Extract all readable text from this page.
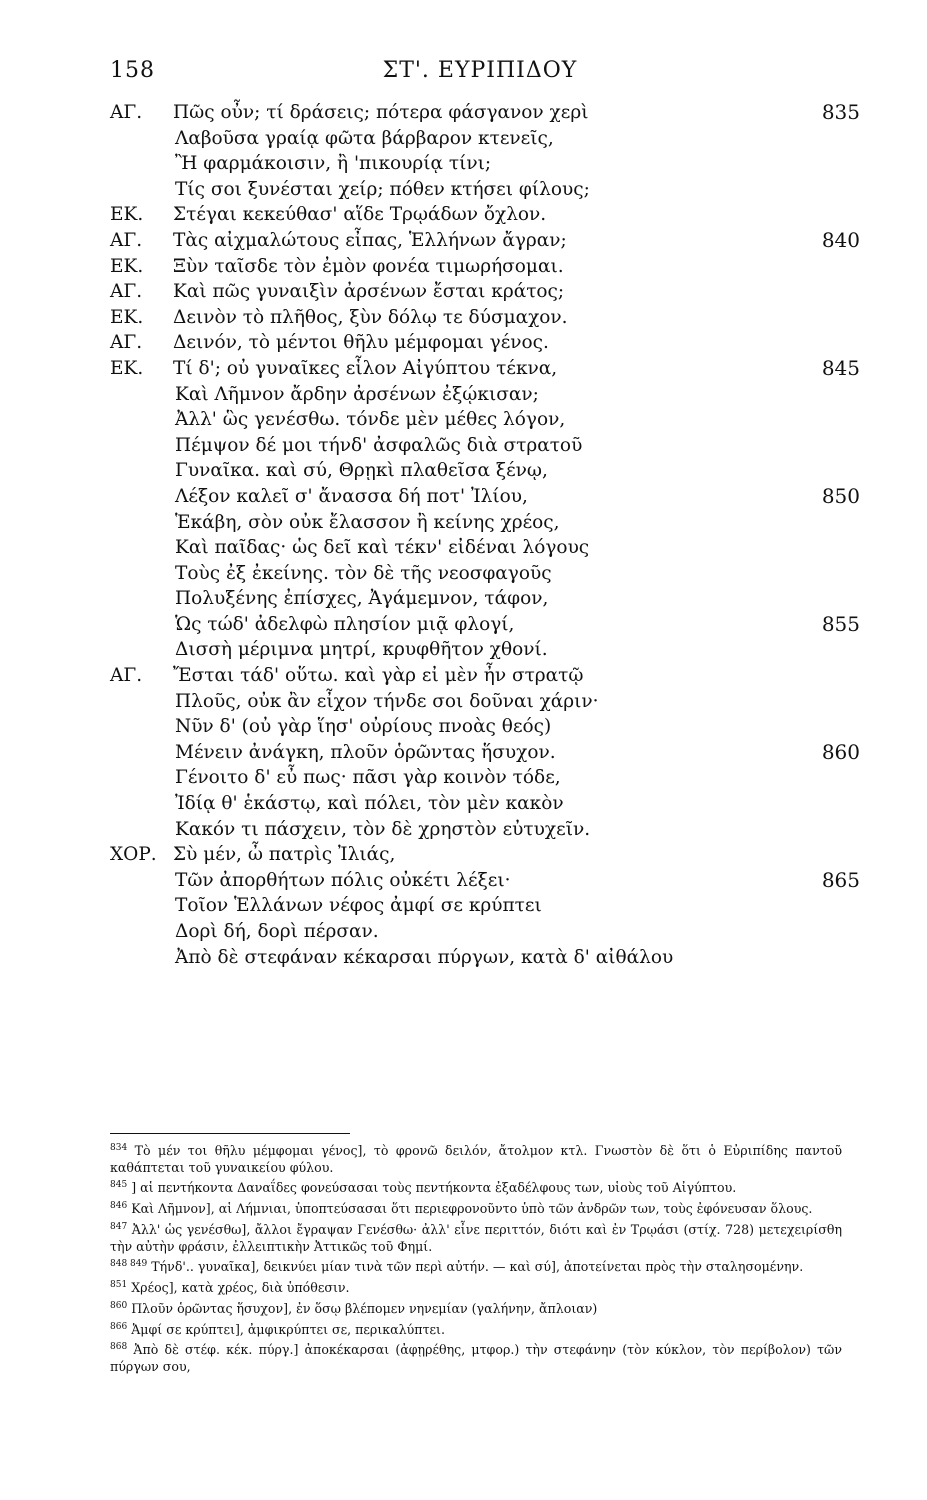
158	ΣΤ'. ΕΥΡΙΠΙΔΟΥ
ΑΓ.	Πῶς οὖν; τί δράσεις; πότερα φάσγανον χερὶ	835
Λαβοῦσα γραίᾳ φῶτα βάρβαρον κτενεῖς,
Ἢ φαρμάκοισιν, ἢ 'πικουρίᾳ τίνι;
Τίς σοι ξυνέσται χείρ; πόθεν κτήσει φίλους;
ΕΚ.	Στέγαι κεκεύθασ' αἵδε Τρῳάδων ὄχλον.
ΑΓ.	Τὰς αἰχμαλώτους εἶπας, Ἑλλήνων ἄγραν;	840
ΕΚ.	Ξὺν ταῖσδε τὸν ἐμὸν φονέα τιμωρήσομαι.
ΑΓ.	Καὶ πῶς γυναιξὶν ἀρσένων ἔσται κράτος;
ΕΚ.	Δεινὸν τὸ πλῆθος, ξὺν δόλῳ τε δύσμαχον.
ΑΓ.	Δεινόν, τὸ μέντοι θῆλυ μέμφομαι γένος.
ΕΚ.	Τί δ'; οὐ γυναῖκες εἷλον Αἰγύπτου τέκνα,	845
Καὶ Λῆμνον ἄρδην ἀρσένων ἐξῴκισαν;
Ἀλλ' ὣς γενέσθω. τόνδε μὲν μέθες λόγον,
Πέμψον δέ μοι τήνδ' ἀσφαλῶς διὰ στρατοῦ
Γυναῖκα. καὶ σύ, Θρῃκὶ πλαθεῖσα ξένῳ,
Λέξον καλεῖ σ' ἄνασσα δή ποτ' Ἰλίου,	850
Ἑκάβη, σὸν οὐκ ἔλασσον ἢ κείνης χρέος,
Καὶ παῖδας· ὡς δεῖ καὶ τέκν' εἰδέναι λόγους
Τοὺς ἐξ ἐκείνης. τὸν δὲ τῆς νεοσφαγοῦς
Πολυξένης ἐπίσχες, Ἀγάμεμνον, τάφον,
Ὡς τώδ' ἀδελφὼ πλησίον μιᾷ φλογί,	855
Δισσὴ μέριμνα μητρί, κρυφθῆτον χθονί.
ΑΓ.	Ἔσται τάδ' οὕτω. καὶ γὰρ εἰ μὲν ἦν στρατῷ
Πλοῦς, οὐκ ἂν εἶχον τήνδε σοι δοῦναι χάριν·
Νῦν δ' (οὐ γὰρ ἵησ' οὐρίους πνοὰς θεός)
Μένειν ἀνάγκη, πλοῦν ὁρῶντας ἥσυχον.	860
Γένοιτο δ' εὖ πως· πᾶσι γὰρ κοινὸν τόδε,
Ἰδίᾳ θ' ἑκάστῳ, καὶ πόλει, τὸν μὲν κακὸν
Κακόν τι πάσχειν, τὸν δὲ χρηστὸν εὐτυχεῖν.
ΧΟΡ. Σὺ μέν, ὦ πατρὶς Ἰλιάς,
Τῶν ἀπορθήτων πόλις οὐκέτι λέξει·	865
Τοῖον Ἑλλάνων νέφος ἀμφί σε κρύπτει
Δορὶ δή, δορὶ πέρσαν.
Ἀπὸ δὲ στεφάναν κέκαρσαι πύργων, κατὰ δ' αἰθάλου

$^{834}$ Τὸ μέν τοι θῆλυ μέμφομαι γένος], τὸ φρονῶ δειλόν, ἄτολμον κτλ. Γνωστὸν δὲ ὅτι ὁ Εὐριπίδης παντοῦ καθάπτεται τοῦ γυναικείου φύλου.

$^{845}$ ] αἱ πεντήκοντα Δαναΐδες φονεύσασαι τοὺς πεντήκοντα ἐξαδέλφους των, υἱοὺς τοῦ Αἰγύπτου.

$^{846}$ Καὶ Λῆμνον], αἱ Λήμνιαι, ὑποπτεύσασαι ὅτι περιεφρονοῦντο ὑπὸ τῶν ἀνδρῶν των, τοὺς ἐφόνευσαν ὅλους.

$^{847}$ Ἀλλ' ὡς γενέσθω], ἄλλοι ἔγραψαν Γενέσθω· ἀλλ' εἶνε περιττόν, διότι καὶ ἐν Τρῳάσι (στίχ. 728) μετεχειρίσθη τὴν αὐτὴν φράσιν, ἐλλειπτικὴν Ἀττικῶς τοῦ Φημί.

$^{848 849}$ Τήνδ'.. γυναῖκα], δεικνύει μίαν τινὰ τῶν περὶ αὐτήν. — καὶ σύ], ἀποτείνεται πρὸς τὴν σταλησομένην.

$^{851}$ Χρέος], κατὰ χρέος, διὰ ὑπόθεσιν.

$^{860}$ Πλοῦν ὁρῶντας ἥσυχον], ἐν ὅσῳ βλέπομεν νηνεμίαν (γαλήνην, ἄπλοιαν)

$^{866}$ Ἀμφί σε κρύπτει], ἀμφικρύπτει σε, περικαλύπτει.

$^{868}$ Ἀπὸ δὲ στέφ. κέκ. πύργ.] ἀποκέκαρσαι (ἀφῃρέθης, μτφορ.) τὴν στεφάνην (τὸν κύκλον, τὸν περίβολον) τῶν πύργων σου,
